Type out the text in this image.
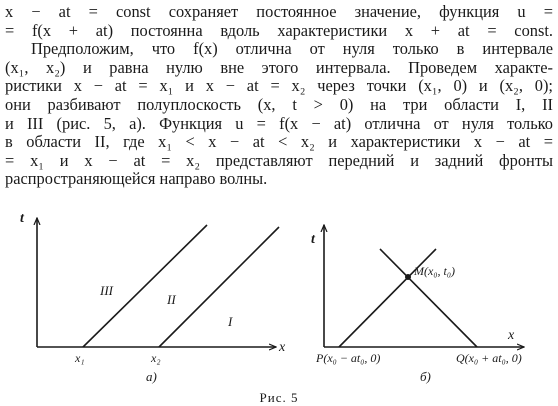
x − at = const сохраняет постоянное значение, функция u =
= f(x + at) постоянна вдоль характеристики x + at = const.
Предположим, что f(x) отлична от нуля только в интервале
(x₁, x₂) и равна нулю вне этого интервала. Проведем характе-
ристики x − at = x₁ и x − at = x₂ через точки (x₁, 0) и (x₂, 0);
они разбивают полуплоскость (x, t > 0) на три области I, II
и III (рис. 5, a). Функция u = f(x − at) отлична от нуля только
в области II, где x₁ < x − at < x₂ и характеристики x − at =
= x₁ и x − at = x₂ представляют передний и задний фронты
распространяющейся направо волны.
t
x
III
II
I
x₁	x₂
a)
t
x
M(x₀, t₀)
P(x₀ − at₀, 0)	Q(x₀ + at₀, 0)
б)
Рис. 5
